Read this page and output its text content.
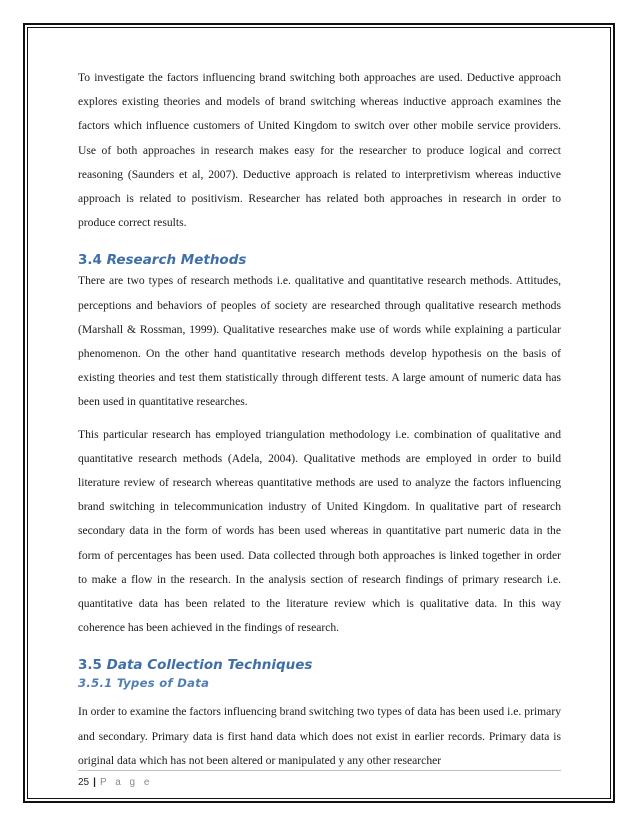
To investigate the factors influencing brand switching both approaches are used. Deductive approach explores existing theories and models of brand switching whereas inductive approach examines the factors which influence customers of United Kingdom to switch over other mobile service providers. Use of both approaches in research makes easy for the researcher to produce logical and correct reasoning (Saunders et al, 2007). Deductive approach is related to interpretivism whereas inductive approach is related to positivism. Researcher has related both approaches in research in order to produce correct results.

3.4 Research Methods

There are two types of research methods i.e. qualitative and quantitative research methods. Attitudes, perceptions and behaviors of peoples of society are researched through qualitative research methods (Marshall & Rossman, 1999). Qualitative researches make use of words while explaining a particular phenomenon. On the other hand quantitative research methods develop hypothesis on the basis of existing theories and test them statistically through different tests. A large amount of numeric data has been used in quantitative researches.

This particular research has employed triangulation methodology i.e. combination of qualitative and quantitative research methods (Adela, 2004). Qualitative methods are employed in order to build literature review of research whereas quantitative methods are used to analyze the factors influencing brand switching in telecommunication industry of United Kingdom. In qualitative part of research secondary data in the form of words has been used whereas in quantitative part numeric data in the form of percentages has been used. Data collected through both approaches is linked together in order to make a flow in the research. In the analysis section of research findings of primary research i.e. quantitative data has been related to the literature review which is qualitative data. In this way coherence has been achieved in the findings of research.

3.5 Data Collection Techniques
3.5.1 Types of Data

In order to examine the factors influencing brand switching two types of data has been used i.e. primary and secondary. Primary data is first hand data which does not exist in earlier records. Primary data is original data which has not been altered or manipulated y any other researcher

25 | P a g e
